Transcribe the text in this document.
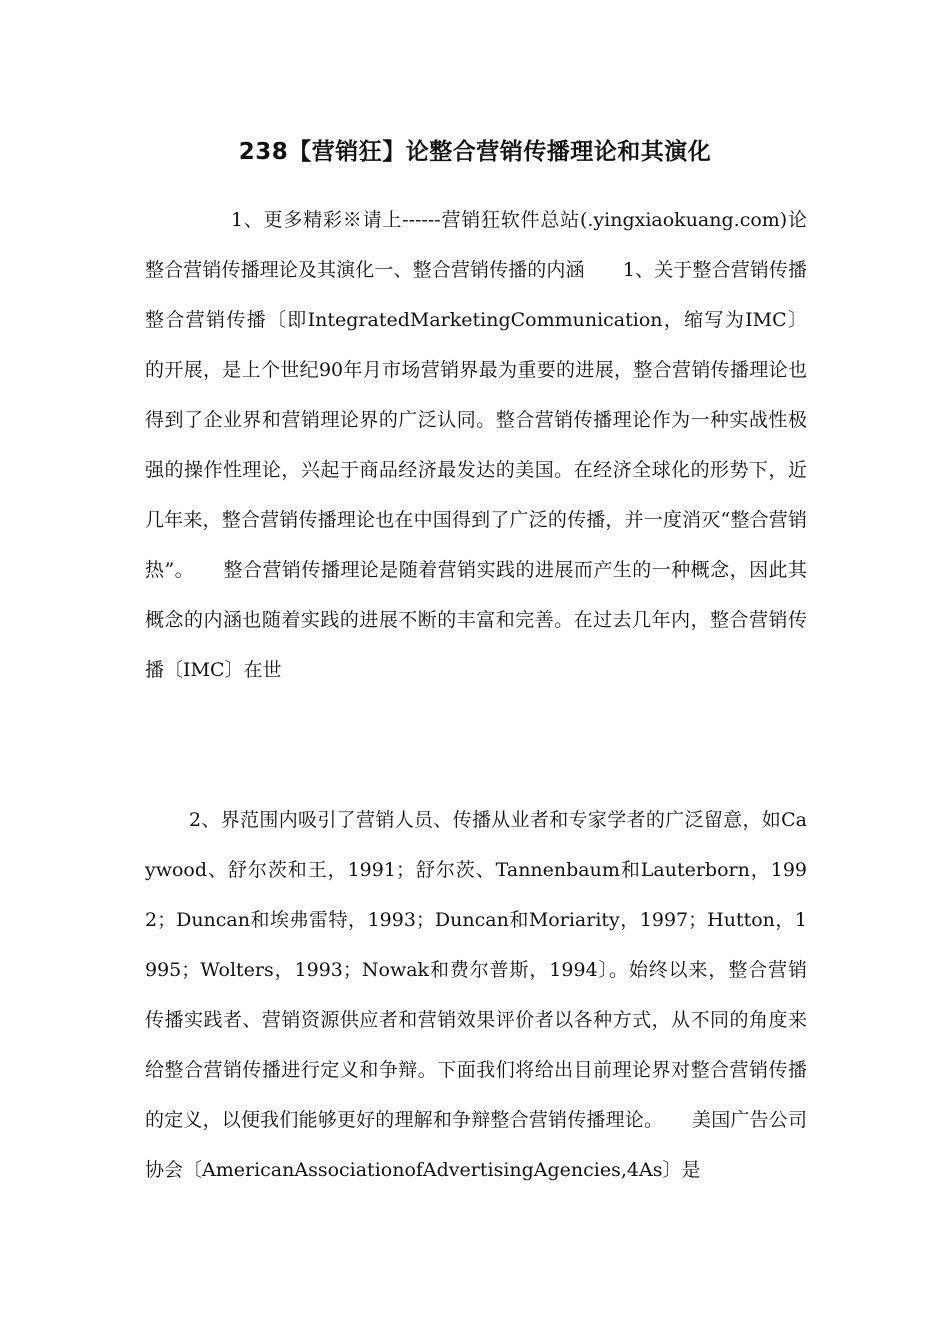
238【营销狂】论整合营销传播理论和其演化

1、更多精彩※请上------营销狂软件总站(.yingxiaokuang.com)论整合营销传播理论及其演化一、整合营销传播的内涵　　1、关于整合营销传播　　整合营销传播〔即IntegratedMarketingCommunication，缩写为IMC〕的开展，是上个世纪90年月市场营销界最为重要的进展，整合营销传播理论也得到了企业界和营销理论界的广泛认同。整合营销传播理论作为一种实战性极强的操作性理论，兴起于商品经济最发达的美国。在经济全球化的形势下，近几年来，整合营销传播理论也在中国得到了广泛的传播，并一度消灭“整合营销热”。　　整合营销传播理论是随着营销实践的进展而产生的一种概念，因此其概念的内涵也随着实践的进展不断的丰富和完善。在过去几年内，整合营销传播〔IMC〕在世

2、界范围内吸引了营销人员、传播从业者和专家学者的广泛留意，如Caywood、舒尔茨和王，1991；舒尔茨、Tannenbaum和Lauterborn，1992；Duncan和埃弗雷特，1993；Duncan和Moriarity，1997；Hutton，1995；Wolters，1993；Nowak和费尔普斯，1994〕。始终以来，整合营销传播实践者、营销资源供应者和营销效果评价者以各种方式，从不同的角度来给整合营销传播进行定义和争辩。下面我们将给出目前理论界对整合营销传播的定义，以便我们能够更好的理解和争辩整合营销传播理论。　　美国广告公司协会〔AmericanAssociationofAdvertisingAgencies,4As〕是
